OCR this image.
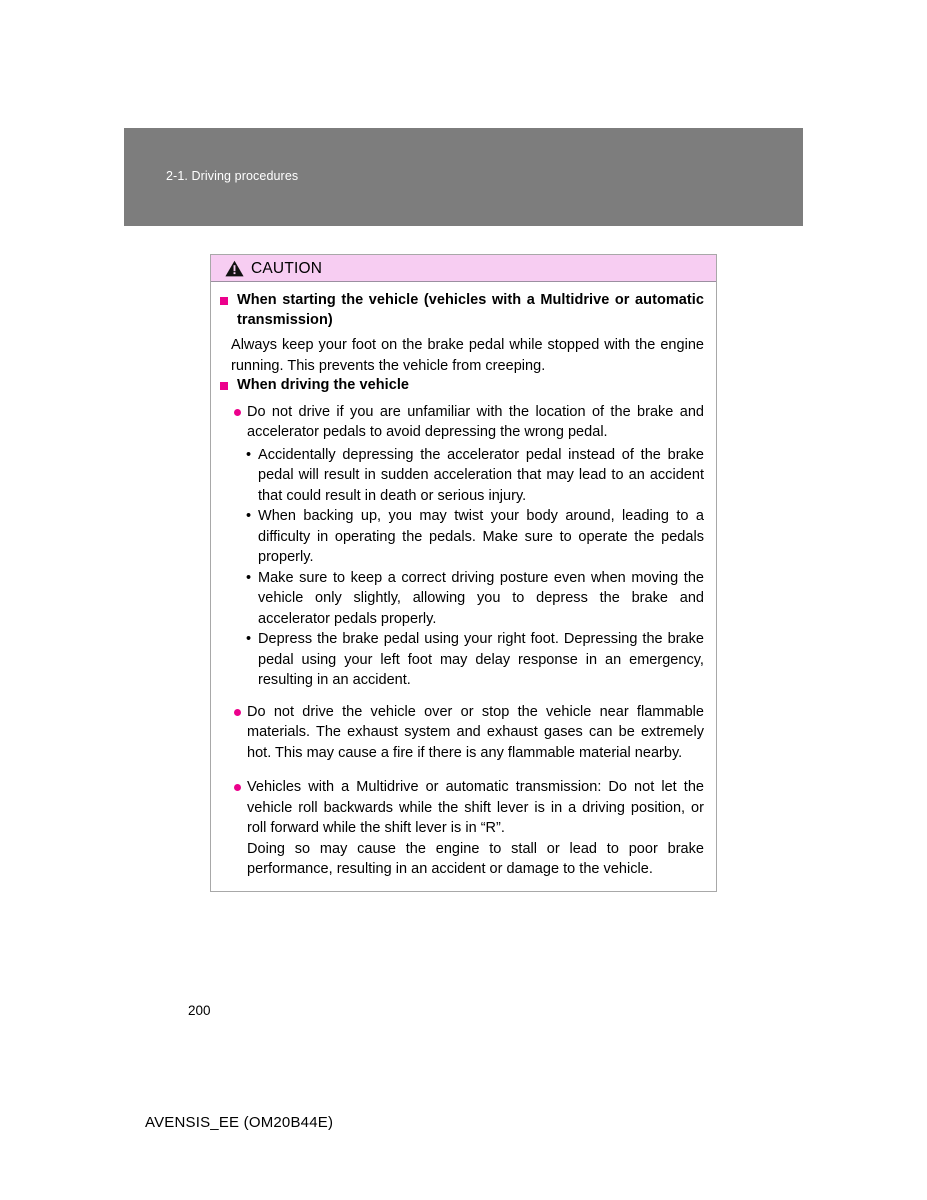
2-1. Driving procedures
CAUTION
When starting the vehicle (vehicles with a Multidrive or automatic transmission)
Always keep your foot on the brake pedal while stopped with the engine running. This prevents the vehicle from creeping.
When driving the vehicle
Do not drive if you are unfamiliar with the location of the brake and accelerator pedals to avoid depressing the wrong pedal.
• Accidentally depressing the accelerator pedal instead of the brake pedal will result in sudden acceleration that may lead to an accident that could result in death or serious injury.
• When backing up, you may twist your body around, leading to a difficulty in operating the pedals. Make sure to operate the pedals properly.
• Make sure to keep a correct driving posture even when moving the vehicle only slightly, allowing you to depress the brake and accelerator pedals properly.
• Depress the brake pedal using your right foot. Depressing the brake pedal using your left foot may delay response in an emergency, resulting in an accident.
Do not drive the vehicle over or stop the vehicle near flammable materials. The exhaust system and exhaust gases can be extremely hot. This may cause a fire if there is any flammable material nearby.
Vehicles with a Multidrive or automatic transmission: Do not let the vehicle roll backwards while the shift lever is in a driving position, or roll forward while the shift lever is in “R”.
Doing so may cause the engine to stall or lead to poor brake performance, resulting in an accident or damage to the vehicle.
200
AVENSIS_EE (OM20B44E)
